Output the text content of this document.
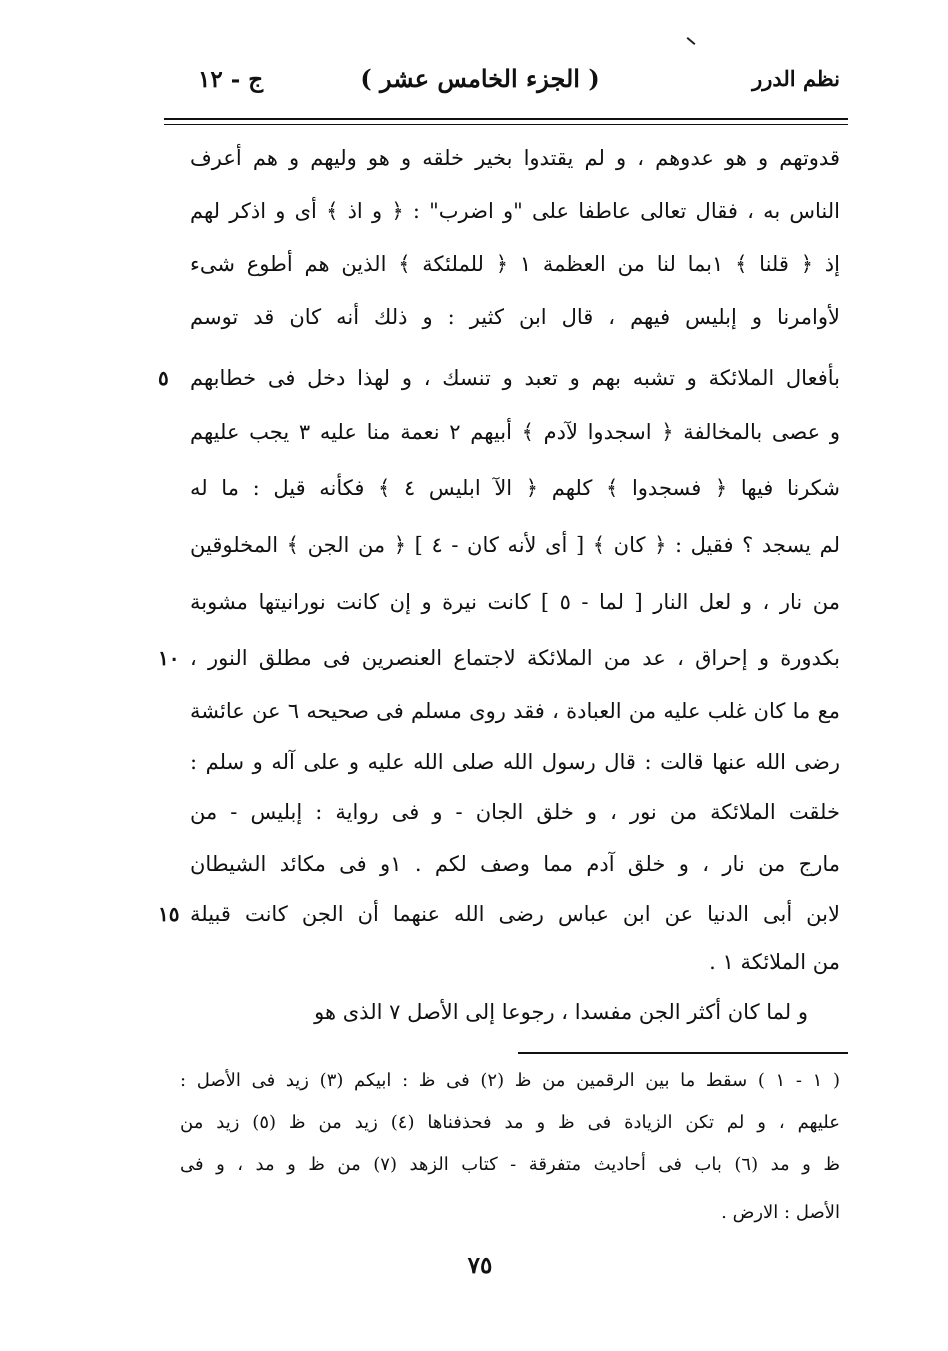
نظم الدرر
( الجزء الخامس عشر )
ج - ١٢
قدوتهم و هو عدوهم ، و لم يقتدوا بخير خلقه و هو وليهم و هم أعرف
الناس به ، فقال تعالى عاطفا على "و اضرب" : ﴿ و اذ ﴾ أى و اذكر لهم
إذ ﴿ قلنا ﴾ ١بما لنا من العظمة ١ ﴿ للملئكة ﴾ الذين هم أطوع شىء
لأوامرنا و إبليس فيهم ، قال ابن كثير : و ذلك أنه كان قد توسم
بأفعال الملائكة و تشبه بهم و تعبد و تنسك ، و لهذا دخل فى خطابهم
و عصى بالمخالفة ﴿ اسجدوا لآدم ﴾ أبيهم ٢ نعمة منا عليه ٣ يجب عليهم
شكرنا فيها ﴿ فسجدوا ﴾ كلهم ﴿ الآ ابليس ٤ ﴾ فكأنه قيل : ما له
لم يسجد ؟ فقيل : ﴿ كان ﴾ [ أى لأنه كان - ٤ ] ﴿ من الجن ﴾ المخلوقين
من نار ، و لعل النار [ لما - ٥ ] كانت نيرة و إن كانت نورانيتها مشوبة
بكدورة و إحراق ، عد من الملائكة لاجتماع العنصرين فى مطلق النور ،
مع ما كان غلب عليه من العبادة ، فقد روى مسلم فى صحيحه ٦ عن عائشة
رضى الله عنها قالت : قال رسول الله صلى الله عليه و على آله و سلم :
خلقت الملائكة من نور ، و خلق الجان - و فى رواية : إبليس - من
مارج من نار ، و خلق آدم مما وصف لكم . ١و فى مكائد الشيطان
لابن أبى الدنيا عن ابن عباس رضى الله عنهما أن الجن كانت قبيلة
من الملائكة ١ .
و لما كان أكثر الجن مفسدا ، رجوعا إلى الأصل ٧ الذى هو
٥
١٠
١٥
( ١ - ١ ) سقط ما بين الرقمين من ظ (٢) فى ظ : ابيكم (٣) زيد فى الأصل :
عليهم ، و لم تكن الزيادة فى ظ و مد فحذفناها (٤) زيد من ظ (٥) زيد من
ظ و مد (٦) باب فى أحاديث متفرقة - كتاب الزهد (٧) من ظ و مد ، و فى
الأصل : الارض .
٧٥
